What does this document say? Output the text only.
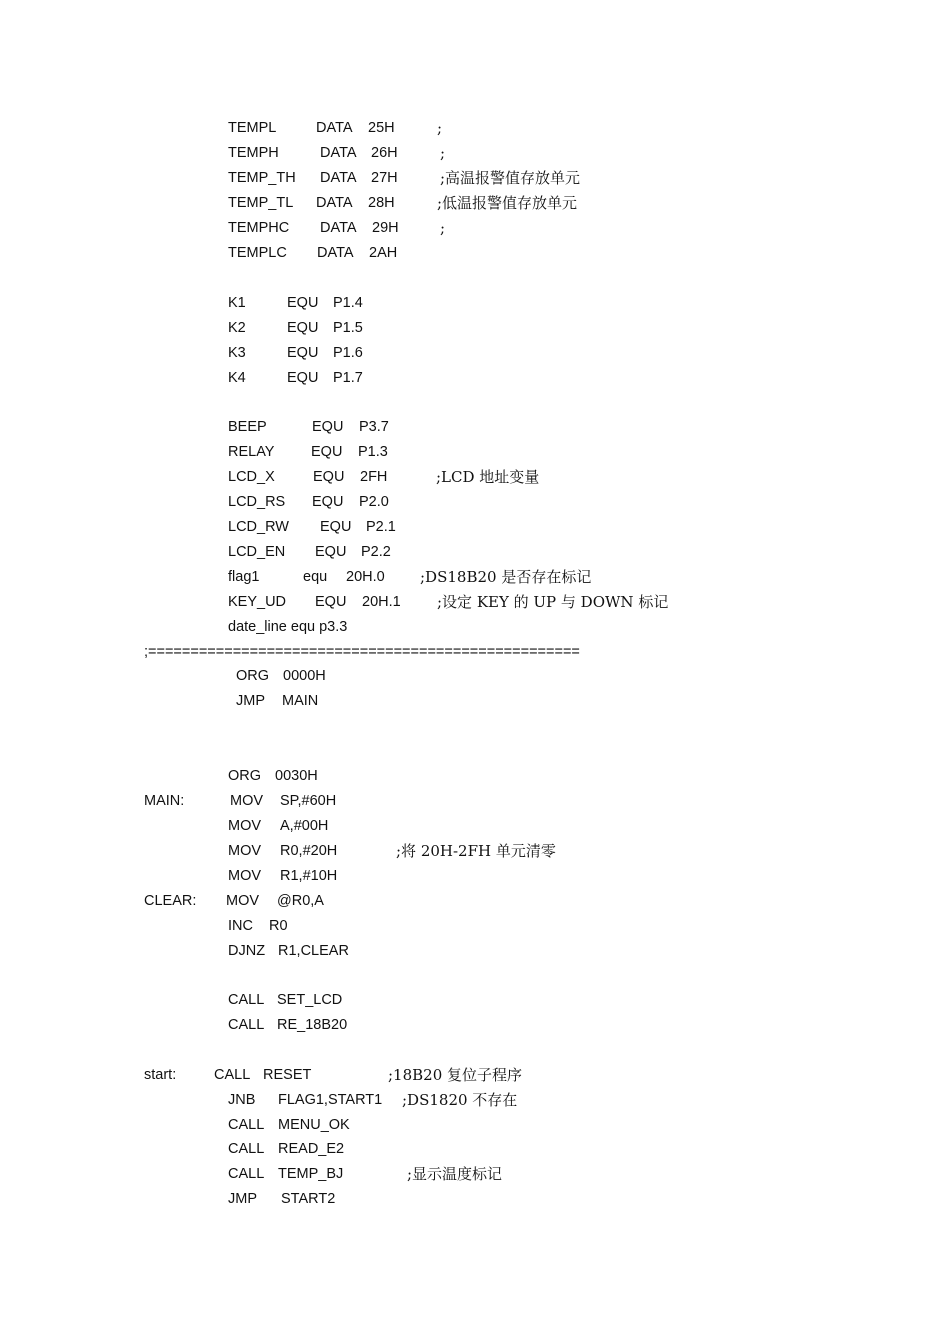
TEMPL	DATA 25H	;
TEMPH	DATA 26H	;
TEMP_TH DATA 27H	;高温报警值存放单元
TEMP_TL DATA 28H	;低温报警值存放单元
TEMPHC DATA 29H	;
TEMPLC DATA 2AH
K1	EQU P1.4
K2	EQU P1.5
K3	EQU P1.6
K4	EQU P1.7
BEEP	EQU P3.7
RELAY	EQU P1.3
LCD_X	EQU 2FH	;LCD 地址变量
LCD_RS EQU P2.0
LCD_RW EQU P2.1
LCD_EN EQU P2.2
flag1	equ 20H.0 ;DS18B20 是否存在标记
KEY_UD EQU 20H.1 ;设定 KEY 的 UP 与 DOWN 标记
date_line equ p3.3
;===================================================
ORG 0000H
JMP MAIN
ORG 0030H
MAIN:	MOV SP,#60H
MOV A,#00H
MOV R0,#20H	;将 20H-2FH 单元清零
MOV R1,#10H
CLEAR: MOV @R0,A
INC R0
DJNZ R1,CLEAR
CALL SET_LCD
CALL RE_18B20
start:	CALL RESET	;18B20 复位子程序
JNB FLAG1,START1 ;DS1820 不存在
CALL MENU_OK
CALL READ_E2
CALL TEMP_BJ	;显示温度标记
JMP START2
